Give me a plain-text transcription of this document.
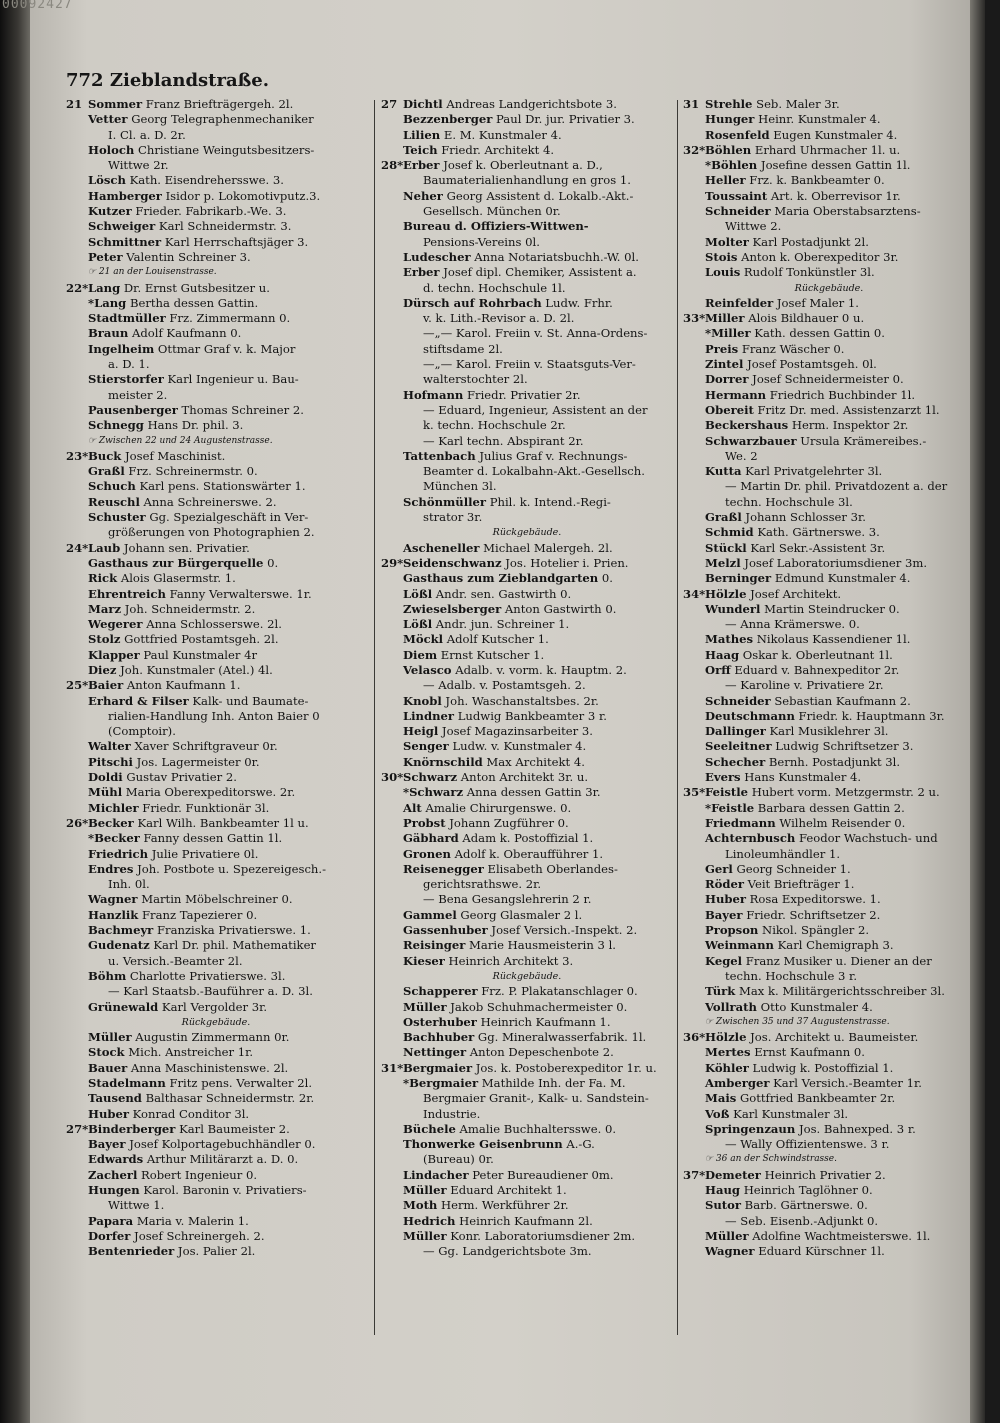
00092427
772 Zieblandstraße.
21 Sommer Franz Briefträgergeh. 2l.
Vetter Georg Telegraphenmechaniker
I. Cl. a. D. 2r.
Holoch Christiane Weingutsbesitzers-
Wittwe 2r.
Lösch Kath. Eisendrehersswe. 3.
Hamberger Isidor p. Lokomotivputz.3.
Kutzer Frieder. Fabrikarb.-We. 3.
Schweiger Karl Schneidermstr. 3.
Schmittner Karl Herrschaftsjäger 3.
Peter Valentin Schreiner 3.
☞ 21 an der Louisenstrasse.
22*Lang Dr. Ernst Gutsbesitzer u.
*Lang Bertha dessen Gattin.
Stadtmüller Frz. Zimmermann 0.
Braun Adolf Kaufmann 0.
Ingelheim Ottmar Graf v. k. Major
a. D. 1.
Stierstorfer Karl Ingenieur u. Bau-
meister 2.
Pausenberger Thomas Schreiner 2.
Schnegg Hans Dr. phil. 3.
☞ Zwischen 22 und 24 Augustenstrasse.
23*Buck Josef Maschinist.
Graßl Frz. Schreinermstr. 0.
Schuch Karl pens. Stationswärter 1.
Reuschl Anna Schreinerswe. 2.
Schuster Gg. Spezialgeschäft in Ver-
größerungen von Photographien 2.
24*Laub Johann sen. Privatier.
Gasthaus zur Bürgerquelle 0.
Rick Alois Glasermstr. 1.
Ehrentreich Fanny Verwalterswe. 1r.
Marz Joh. Schneidermstr. 2.
Wegerer Anna Schlosserswe. 2l.
Stolz Gottfried Postamtsgeh. 2l.
Klapper Paul Kunstmaler 4r
Diez Joh. Kunstmaler (Atel.) 4l.
25*Baier Anton Kaufmann 1.
Erhard & Filser Kalk- und Baumate-
rialien-Handlung Inh. Anton Baier 0
(Comptoir).
Walter Xaver Schriftgraveur 0r.
Pitschi Jos. Lagermeister 0r.
Doldi Gustav Privatier 2.
Mühl Maria Oberexpeditorswe. 2r.
Michler Friedr. Funktionär 3l.
26*Becker Karl Wilh. Bankbeamter 1l u.
*Becker Fanny dessen Gattin 1l.
Friedrich Julie Privatiere 0l.
Endres Joh. Postbote u. Spezereigesch.-
Inh. 0l.
Wagner Martin Möbelschreiner 0.
Hanzlik Franz Tapezierer 0.
Bachmeyr Franziska Privatierswe. 1.
Gudenatz Karl Dr. phil. Mathematiker
u. Versich.-Beamter 2l.
Böhm Charlotte Privatierswe. 3l.
— Karl Staatsb.-Bauführer a. D. 3l.
Grünewald Karl Vergolder 3r.
Rückgebäude.
Müller Augustin Zimmermann 0r.
Stock Mich. Anstreicher 1r.
Bauer Anna Maschinistenswe. 2l.
Stadelmann Fritz pens. Verwalter 2l.
Tausend Balthasar Schneidermstr. 2r.
Huber Konrad Conditor 3l.
27*Binderberger Karl Baumeister 2.
Bayer Josef Kolportagebuchhändler 0.
Edwards Arthur Militärarzt a. D. 0.
Zacherl Robert Ingenieur 0.
Hungen Karol. Baronin v. Privatiers-
Wittwe 1.
Papara Maria v. Malerin 1.
Dorfer Josef Schreinergeh. 2.
Bentenrieder Jos. Palier 2l.
27 Dichtl Andreas Landgerichtsbote 3.
Bezzenberger Paul Dr. jur. Privatier 3.
Lilien E. M. Kunstmaler 4.
Teich Friedr. Architekt 4.
28*Erber Josef k. Oberleutnant a. D.,
Baumaterialienhandlung en gros 1.
Neher Georg Assistent d. Lokalb.-Akt.-
Gesellsch. München 0r.
Bureau d. Offiziers-Wittwen-
Pensions-Vereins 0l.
Ludescher Anna Notariatsbuchh.-W. 0l.
Erber Josef dipl. Chemiker, Assistent a.
d. techn. Hochschule 1l.
Dürsch auf Rohrbach Ludw. Frhr.
v. k. Lith.-Revisor a. D. 2l.
—„— Karol. Freiin v. St. Anna-Ordens-
stiftsdame 2l.
—„— Karol. Freiin v. Staatsguts-Ver-
walterstochter 2l.
Hofmann Friedr. Privatier 2r.
— Eduard, Ingenieur, Assistent an der
k. techn. Hochschule 2r.
— Karl techn. Abspirant 2r.
Tattenbach Julius Graf v. Rechnungs-
Beamter d. Lokalbahn-Akt.-Gesellsch.
München 3l.
Schönmüller Phil. k. Intend.-Regi-
strator 3r.
Rückgebäude.
Ascheneller Michael Malergeh. 2l.
29*Seidenschwanz Jos. Hotelier i. Prien.
Gasthaus zum Zieblandgarten 0.
Lößl Andr. sen. Gastwirth 0.
Zwieselsberger Anton Gastwirth 0.
Lößl Andr. jun. Schreiner 1.
Möckl Adolf Kutscher 1.
Diem Ernst Kutscher 1.
Velasco Adalb. v. vorm. k. Hauptm. 2.
— Adalb. v. Postamtsgeh. 2.
Knobl Joh. Waschanstaltsbes. 2r.
Lindner Ludwig Bankbeamter 3 r.
Heigl Josef Magazinsarbeiter 3.
Senger Ludw. v. Kunstmaler 4.
Knörnschild Max Architekt 4.
30*Schwarz Anton Architekt 3r. u.
*Schwarz Anna dessen Gattin 3r.
Alt Amalie Chirurgenswe. 0.
Probst Johann Zugführer 0.
Gäbhard Adam k. Postoffizial 1.
Gronen Adolf k. Oberaufführer 1.
Reisenegger Elisabeth Oberlandes-
gerichtsrathswe. 2r.
— Bena Gesangslehrerin 2 r.
Gammel Georg Glasmaler 2 l.
Gassenhuber Josef Versich.-Inspekt. 2.
Reisinger Marie Hausmeisterin 3 l.
Kieser Heinrich Architekt 3.
Rückgebäude.
Schapperer Frz. P. Plakatanschlager 0.
Müller Jakob Schuhmachermeister 0.
Osterhuber Heinrich Kaufmann 1.
Bachhuber Gg. Mineralwasserfabrik. 1l.
Nettinger Anton Depeschenbote 2.
31*Bergmaier Jos. k. Postoberexpeditor 1r. u.
*Bergmaier Mathilde Inh. der Fa. M.
Bergmaier Granit-, Kalk- u. Sandstein-
Industrie.
Büchele Amalie Buchhaltersswe. 0.
Thonwerke Geisenbrunn A.-G.
(Bureau) 0r.
Lindacher Peter Bureaudiener 0m.
Müller Eduard Architekt 1.
Moth Herm. Werkführer 2r.
Hedrich Heinrich Kaufmann 2l.
Müller Konr. Laboratoriumsdiener 2m.
— Gg. Landgerichtsbote 3m.
31 Strehle Seb. Maler 3r.
Hunger Heinr. Kunstmaler 4.
Rosenfeld Eugen Kunstmaler 4.
32*Böhlen Erhard Uhrmacher 1l. u.
*Böhlen Josefine dessen Gattin 1l.
Heller Frz. k. Bankbeamter 0.
Toussaint Art. k. Oberrevisor 1r.
Schneider Maria Oberstabsarztens-
Wittwe 2.
Molter Karl Postadjunkt 2l.
Stois Anton k. Oberexpeditor 3r.
Louis Rudolf Tonkünstler 3l.
Rückgebäude.
Reinfelder Josef Maler 1.
33*Miller Alois Bildhauer 0 u.
*Miller Kath. dessen Gattin 0.
Preis Franz Wäscher 0.
Zintel Josef Postamtsgeh. 0l.
Dorrer Josef Schneidermeister 0.
Hermann Friedrich Buchbinder 1l.
Obereit Fritz Dr. med. Assistenzarzt 1l.
Beckershaus Herm. Inspektor 2r.
Schwarzbauer Ursula Krämereibes.-
We. 2
Kutta Karl Privatgelehrter 3l.
— Martin Dr. phil. Privatdozent a. der
techn. Hochschule 3l.
Graßl Johann Schlosser 3r.
Schmid Kath. Gärtnerswe. 3.
Stückl Karl Sekr.-Assistent 3r.
Melzl Josef Laboratoriumsdiener 3m.
Berninger Edmund Kunstmaler 4.
34*Hölzle Josef Architekt.
Wunderl Martin Steindrucker 0.
— Anna Krämerswe. 0.
Mathes Nikolaus Kassendiener 1l.
Haag Oskar k. Oberleutnant 1l.
Orff Eduard v. Bahnexpeditor 2r.
— Karoline v. Privatiere 2r.
Schneider Sebastian Kaufmann 2.
Deutschmann Friedr. k. Hauptmann 3r.
Dallinger Karl Musiklehrer 3l.
Seeleitner Ludwig Schriftsetzer 3.
Schecher Bernh. Postadjunkt 3l.
Evers Hans Kunstmaler 4.
35*Feistle Hubert vorm. Metzgermstr. 2 u.
*Feistle Barbara dessen Gattin 2.
Friedmann Wilhelm Reisender 0.
Achternbusch Feodor Wachstuch- und
Linoleumhändler 1.
Gerl Georg Schneider 1.
Röder Veit Briefträger 1.
Huber Rosa Expeditorswe. 1.
Bayer Friedr. Schriftsetzer 2.
Propson Nikol. Spängler 2.
Weinmann Karl Chemigraph 3.
Kegel Franz Musiker u. Diener an der
techn. Hochschule 3 r.
Türk Max k. Militärgerichtsschreiber 3l.
Vollrath Otto Kunstmaler 4.
☞ Zwischen 35 und 37 Augustenstrasse.
36*Hölzle Jos. Architekt u. Baumeister.
Mertes Ernst Kaufmann 0.
Köhler Ludwig k. Postoffizial 1.
Amberger Karl Versich.-Beamter 1r.
Mais Gottfried Bankbeamter 2r.
Voß Karl Kunstmaler 3l.
Springenzaun Jos. Bahnexped. 3 r.
— Wally Offizientenswe. 3 r.
☞ 36 an der Schwindstrasse.
37*Demeter Heinrich Privatier 2.
Haug Heinrich Taglöhner 0.
Sutor Barb. Gärtnerswe. 0.
— Seb. Eisenb.-Adjunkt 0.
Müller Adolfine Wachtmeisterswe. 1l.
Wagner Eduard Kürschner 1l.
